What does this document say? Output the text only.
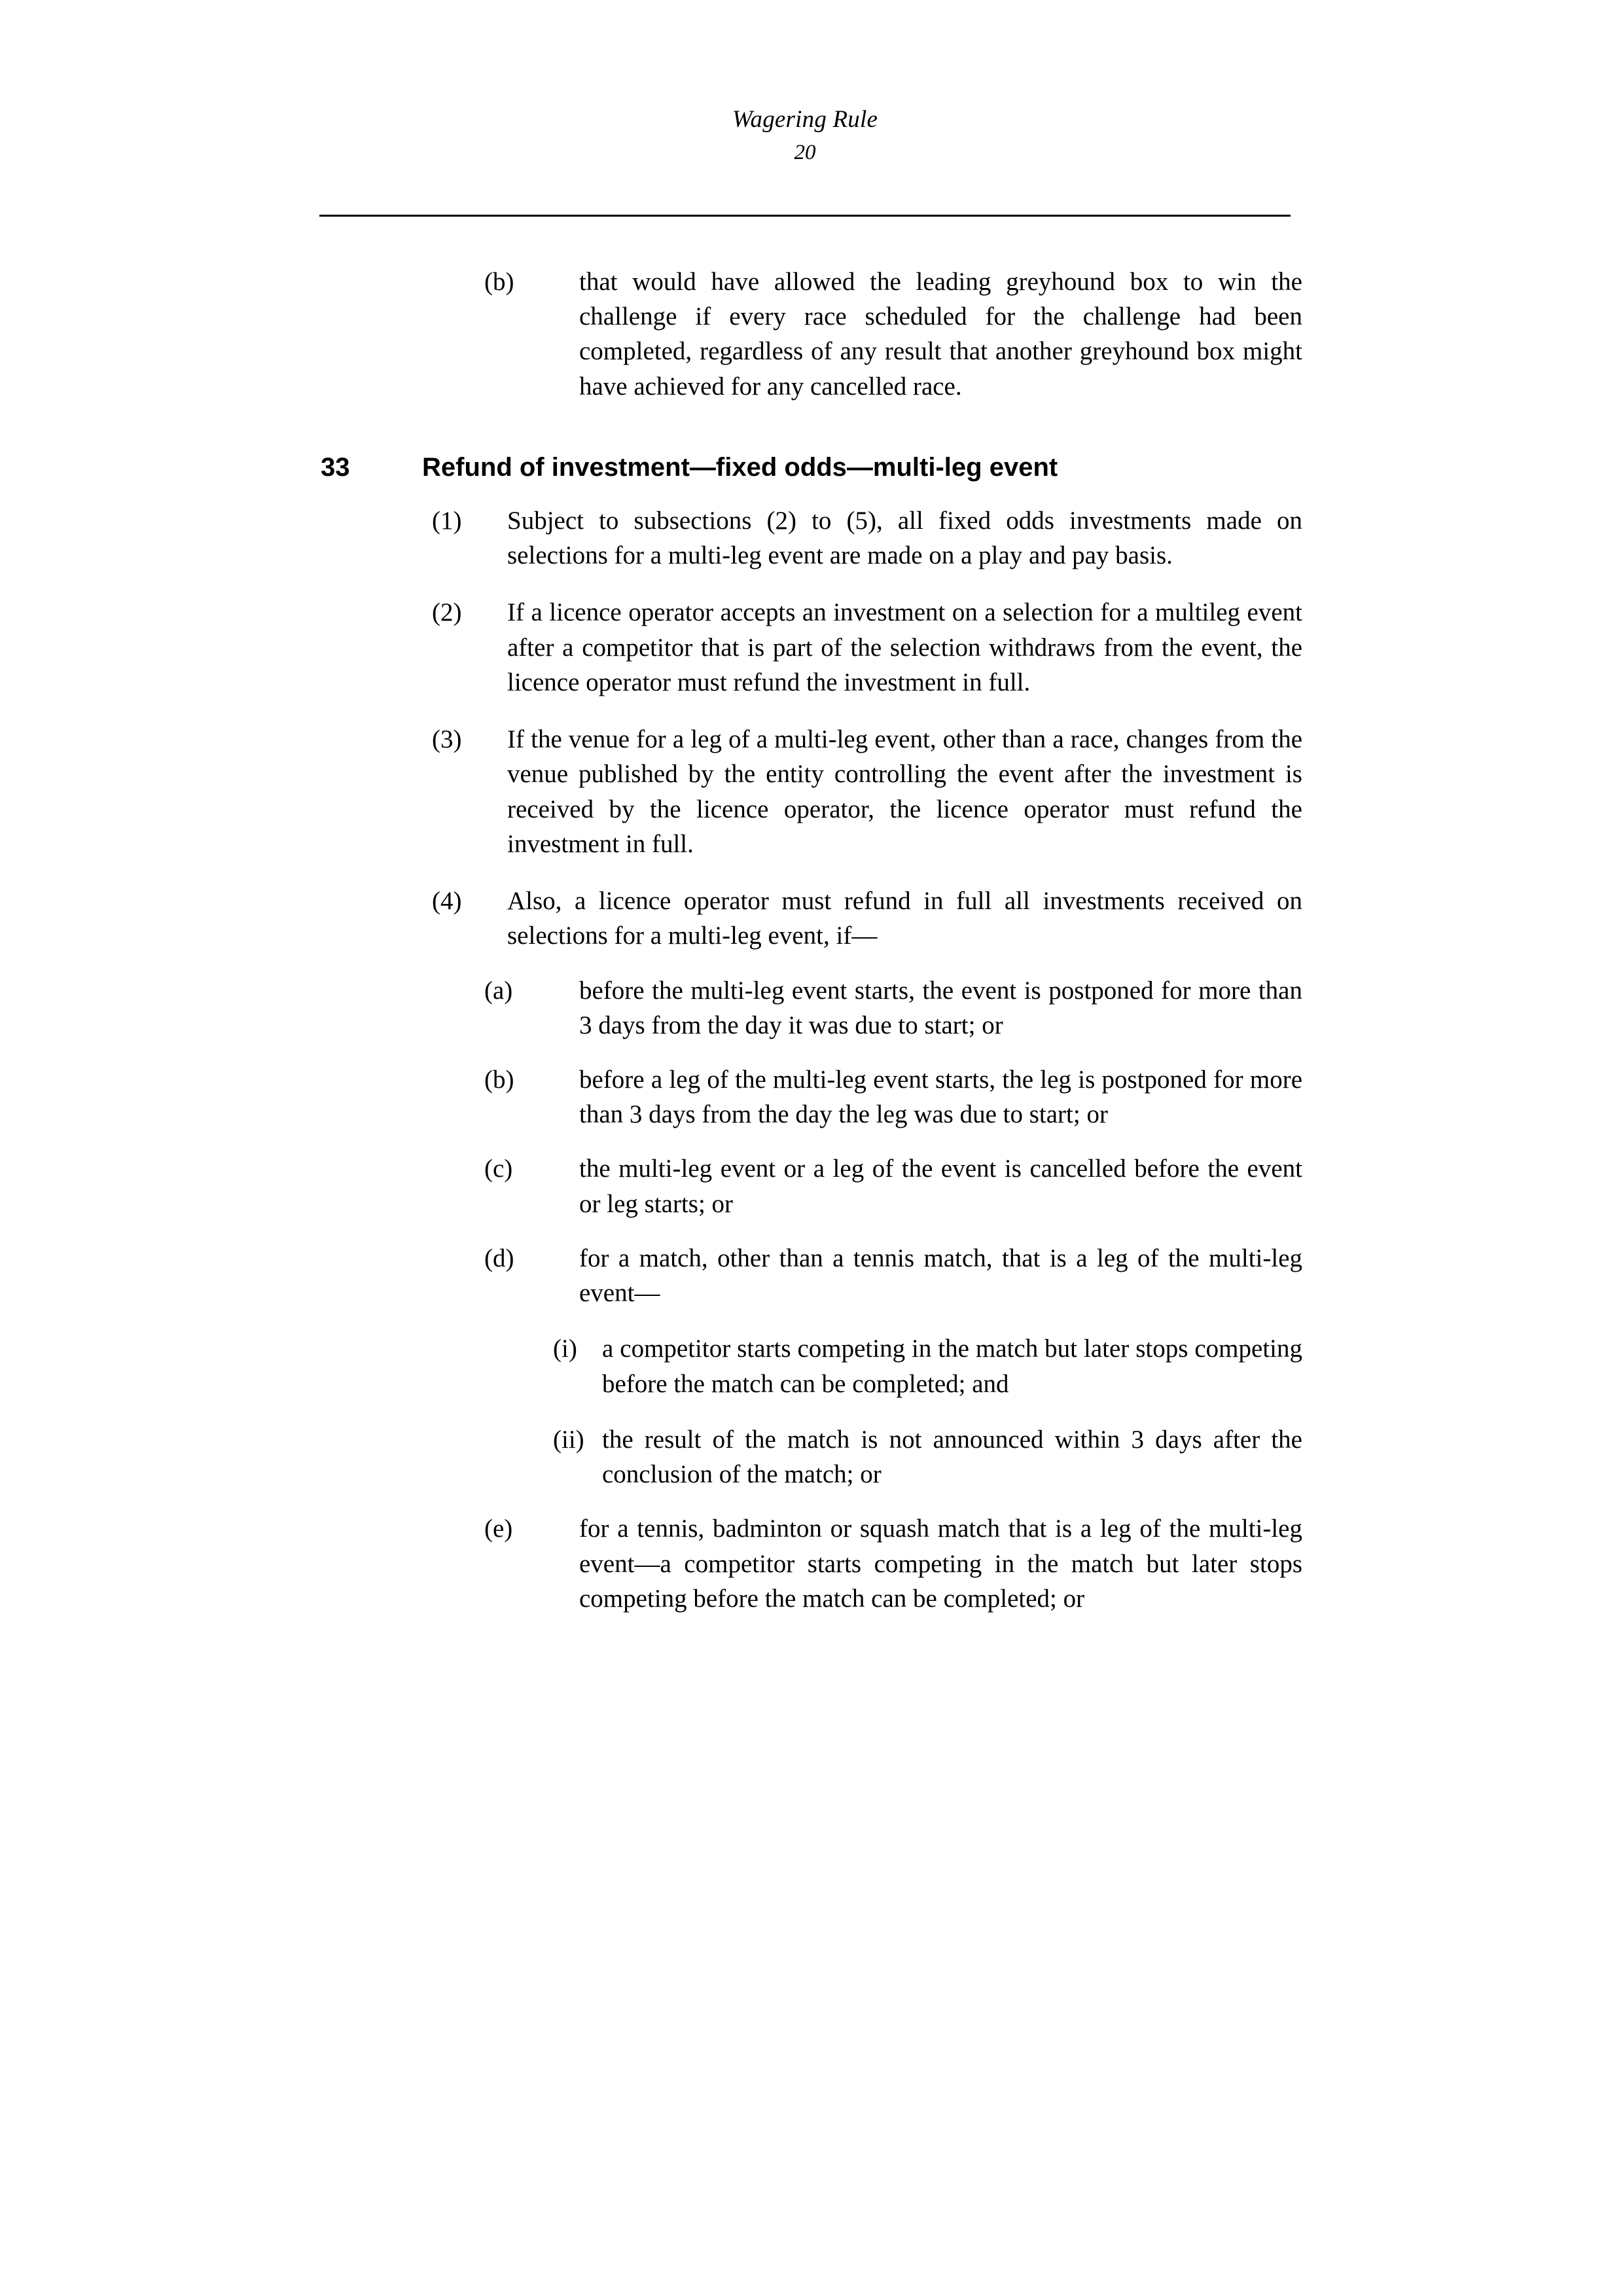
Wagering Rule
20
(b)	that would have allowed the leading greyhound box to win the challenge if every race scheduled for the challenge had been completed, regardless of any result that another greyhound box might have achieved for any cancelled race.
33	Refund of investment—fixed odds—multi-leg event
(1)	Subject to subsections (2) to (5), all fixed odds investments made on selections for a multi-leg event are made on a play and pay basis.
(2)	If a licence operator accepts an investment on a selection for a multileg event after a competitor that is part of the selection withdraws from the event, the licence operator must refund the investment in full.
(3)	If the venue for a leg of a multi-leg event, other than a race, changes from the venue published by the entity controlling the event after the investment is received by the licence operator, the licence operator must refund the investment in full.
(4)	Also, a licence operator must refund in full all investments received on selections for a multi-leg event, if—
(a)	before the multi-leg event starts, the event is postponed for more than 3 days from the day it was due to start; or
(b)	before a leg of the multi-leg event starts, the leg is postponed for more than 3 days from the day the leg was due to start; or
(c)	the multi-leg event or a leg of the event is cancelled before the event or leg starts; or
(d)	for a match, other than a tennis match, that is a leg of the multi-leg event—
(i) a competitor starts competing in the match but later stops competing before the match can be completed; and
(ii) the result of the match is not announced within 3 days after the conclusion of the match; or
(e)	for a tennis, badminton or squash match that is a leg of the multi-leg event—a competitor starts competing in the match but later stops competing before the match can be completed; or
